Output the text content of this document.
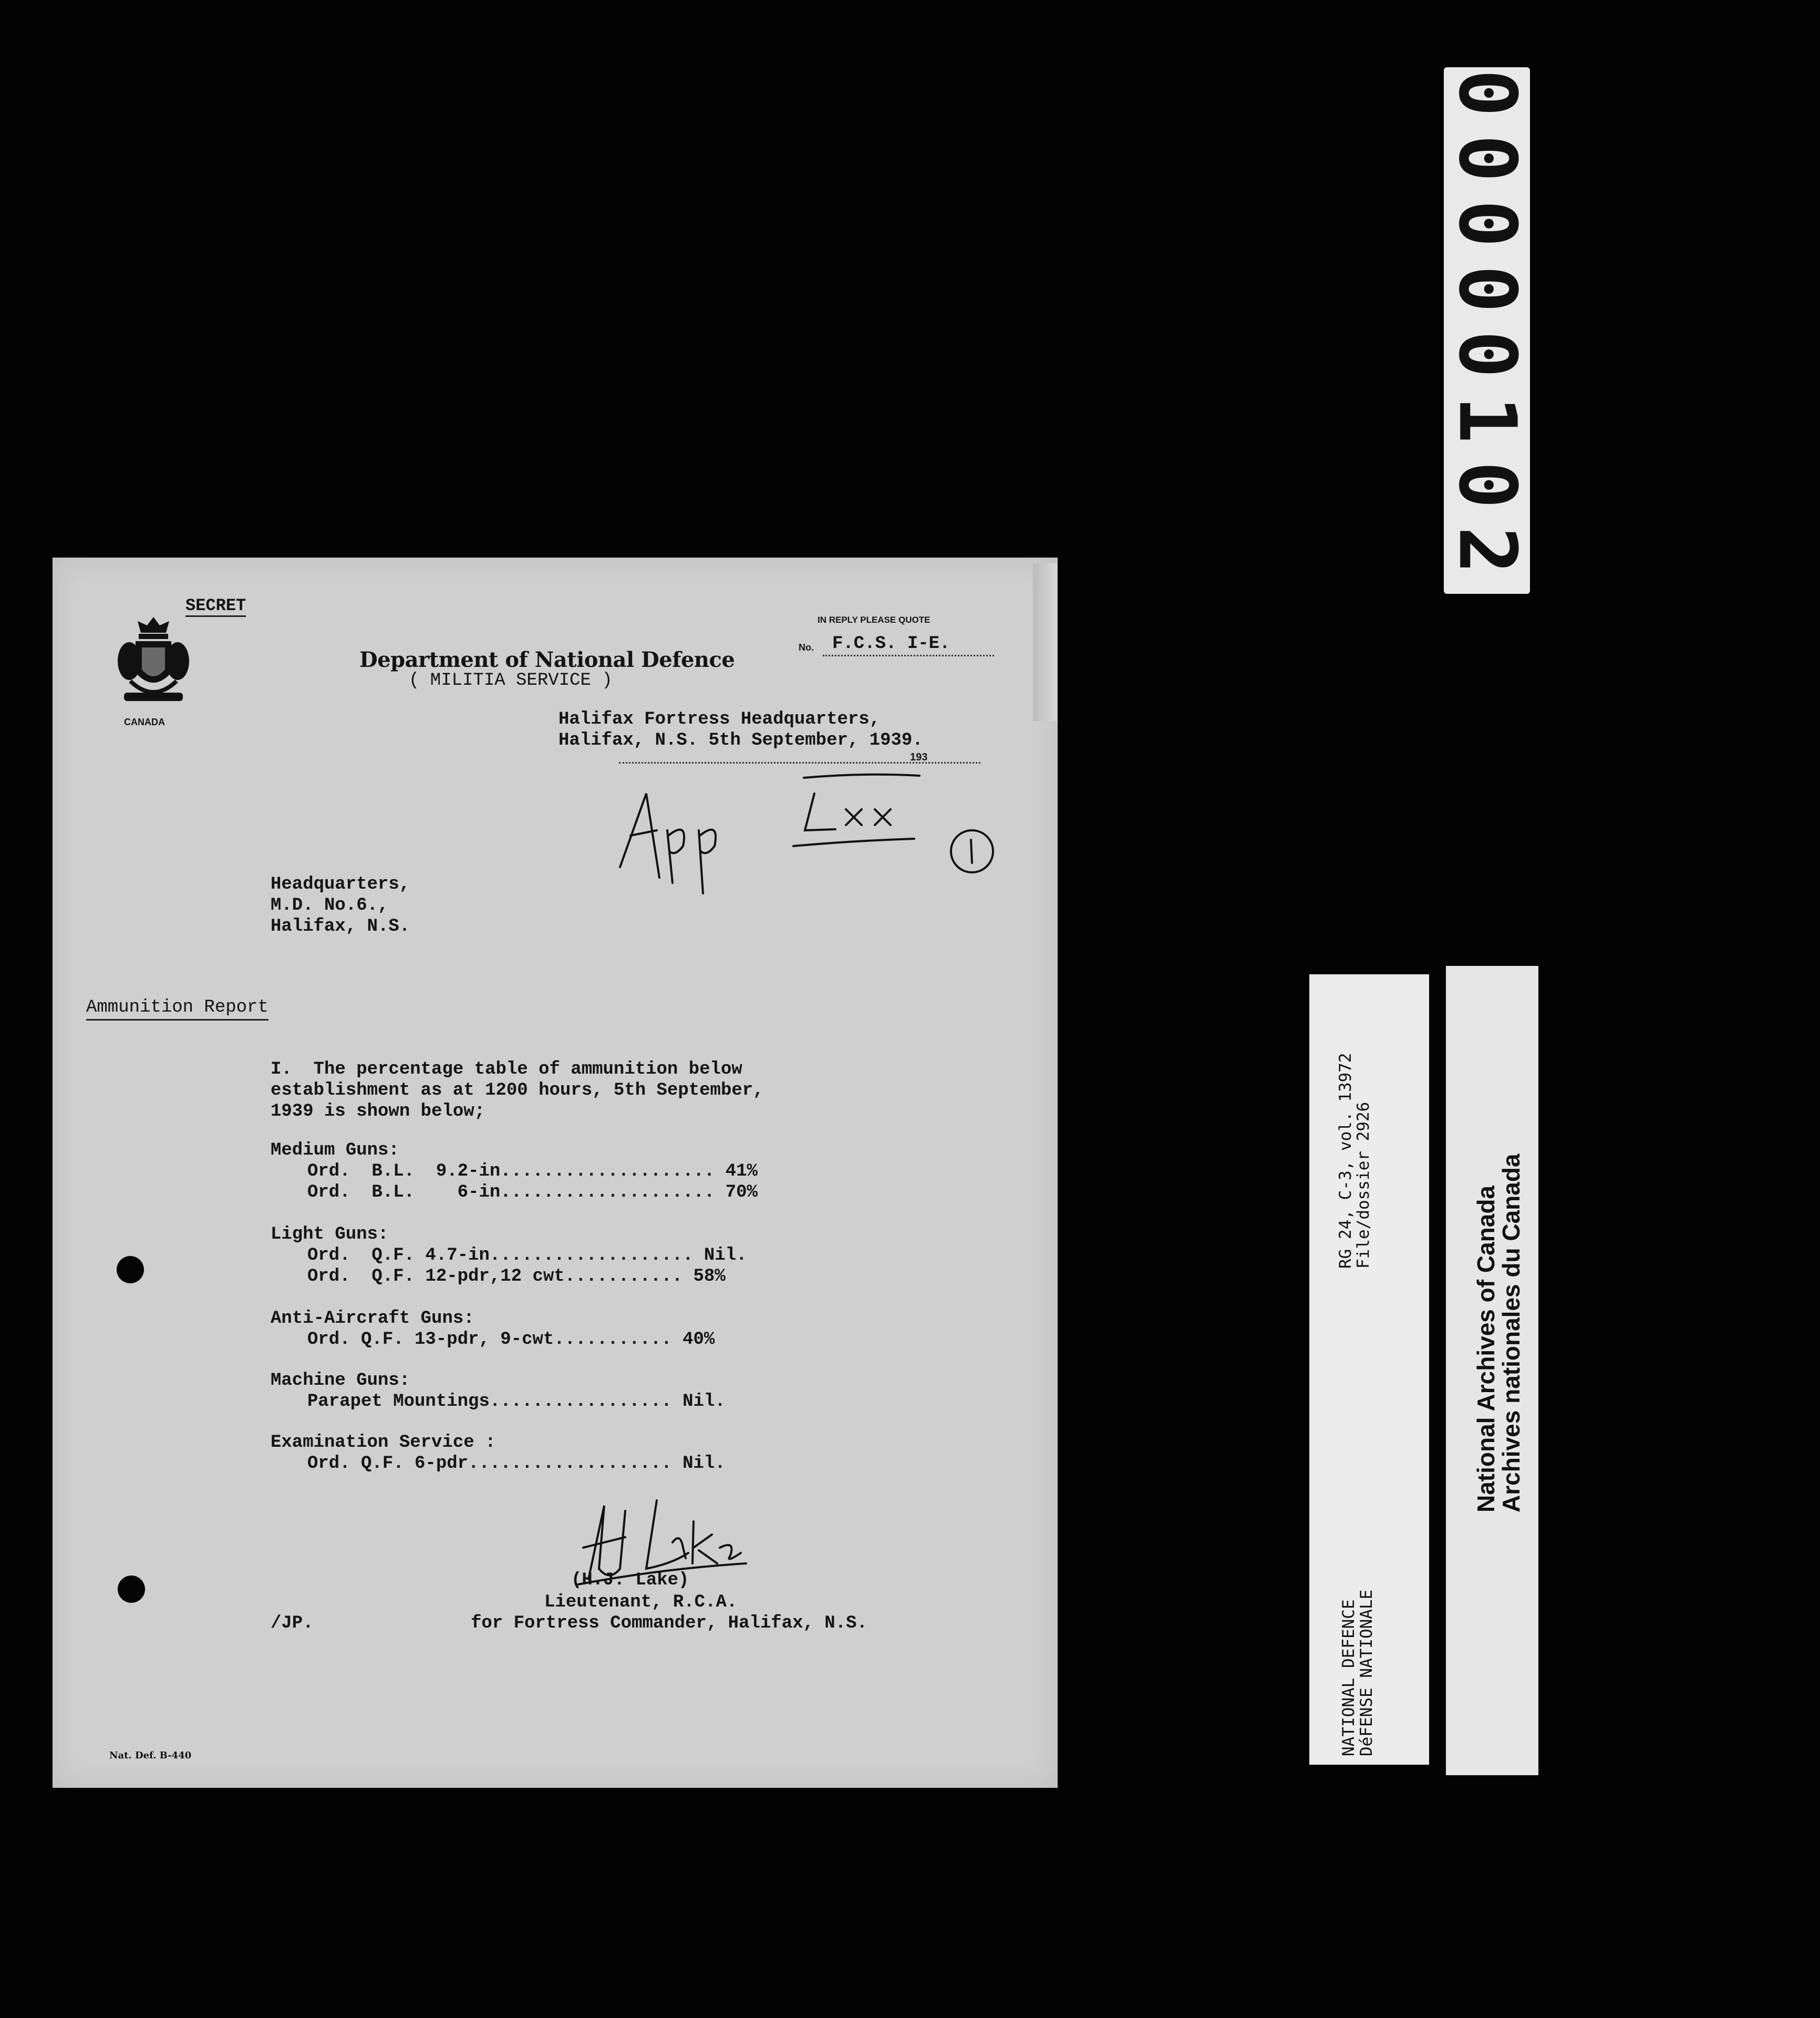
00000102
NATIONAL DEFENCE
DéFENSE NATIONALE
RG 24, C-3, vol. 13972
File/dossier 2926
National Archives of Canada
Archives nationales du Canada
SECRET
CANADA
Department of National Defence
( MILITIA SERVICE )
IN REPLY PLEASE QUOTE
No. F.C.S. I-E.
Halifax Fortress Headquarters,
Halifax, N.S. 5th September, 1939.
193
Headquarters,
M.D. No.6.,
Halifax, N.S.
Ammunition Report
I.  The percentage table of ammunition below
establishment as at 1200 hours, 5th September,
1939 is shown below;
Medium Guns:
Ord.  B.L.  9.2-in.................... 41%
Ord.  B.L.    6-in.................... 70%
Light Guns:
Ord.  Q.F. 4.7-in................... Nil.
Ord.  Q.F. 12-pdr,12 cwt........... 58%
Anti-Aircraft Guns:
Ord. Q.F. 13-pdr, 9-cwt........... 40%
Machine Guns:
Parapet Mountings................. Nil.
Examination Service :
Ord. Q.F. 6-pdr................... Nil.
(H.J. Lake)
Lieutenant, R.C.A.
for Fortress Commander, Halifax, N.S.
/JP.
Nat. Def. B-440
